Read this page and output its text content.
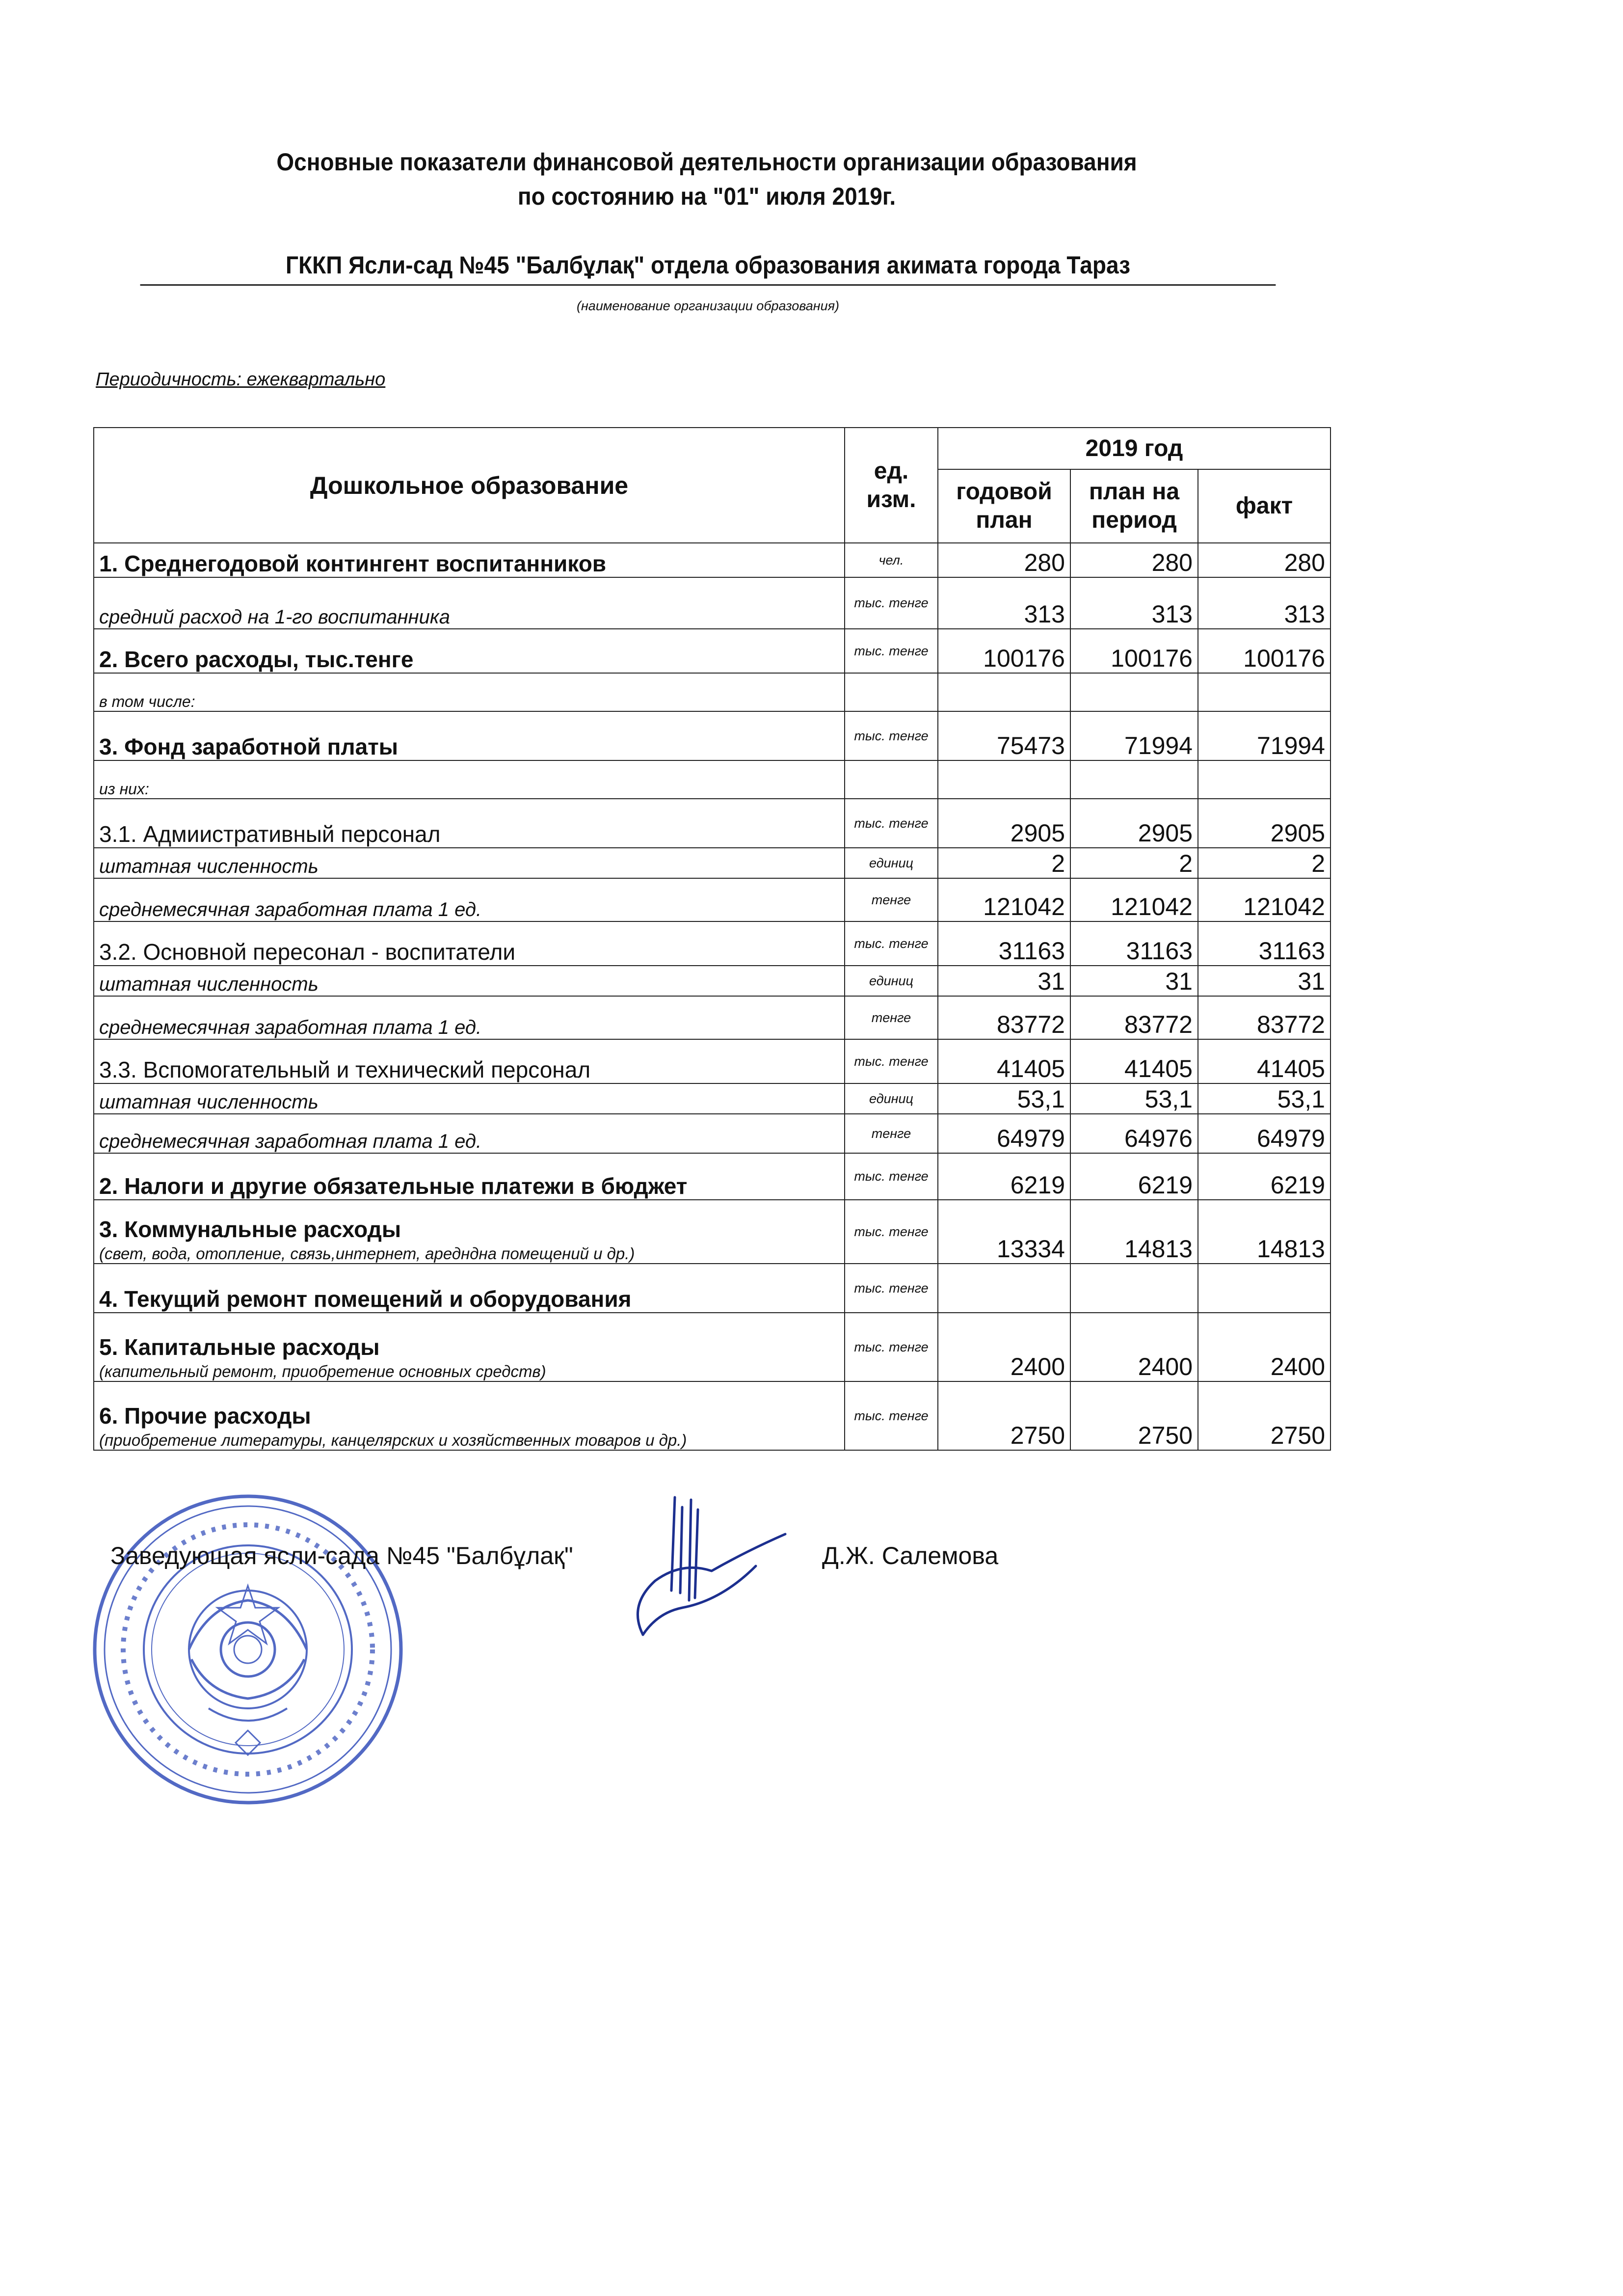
Основные показатели финансовой деятельности организации образования
по состоянию на "01" июля 2019г.
ГККП Ясли-сад №45 "Балбұлақ" отдела образования акимата города Тараз
(наименование организации образования)
Периодичность: ежеквартально
Дошкольное образование	ед. изм.	2019 год		
		годовой план	план на период	факт
1. Среднегодовой контингент воспитанников	чел.	280	280	280
средний расход на 1-го воспитанника	тыс. тенге	313	313	313
2. Всего расходы, тыс.тенге	тыс. тенге	100176	100176	100176
в том числе:				
3. Фонд заработной платы	тыс. тенге	75473	71994	71994
из них:				
3.1. Адмиистративный персонал	тыс. тенге	2905	2905	2905
штатная численность	единиц	2	2	2
среднемесячная заработная плата 1 ед.	тенге	121042	121042	121042
3.2. Основной пересонал - воспитатели	тыс. тенге	31163	31163	31163
штатная численность	единиц	31	31	31
среднемесячная заработная плата 1 ед.	тенге	83772	83772	83772
3.3. Вспомогательный и технический персонал	тыс. тенге	41405	41405	41405
штатная численность	единиц	53,1	53,1	53,1
среднемесячная заработная плата 1 ед.	тенге	64979	64976	64979
2. Налоги и другие обязательные платежи в бюджет	тыс. тенге	6219	6219	6219
3. Коммунальные расходы
(свет, вода, отопление, связь,интернет, аредндна помещений и др.)	тыс. тенге	13334	14813	14813
4. Текущий ремонт помещений и оборудования	тыс. тенге			
5. Капитальные расходы
(капительный ремонт, приобретение основных средств)	тыс. тенге	2400	2400	2400
6. Прочие расходы
(приобретение литературы, канцелярских и хозяйственных товаров и др.)	тыс. тенге	2750	2750	2750
Заведующая ясли-сада №45 "Балбұлақ"	Д.Ж. Салемова
